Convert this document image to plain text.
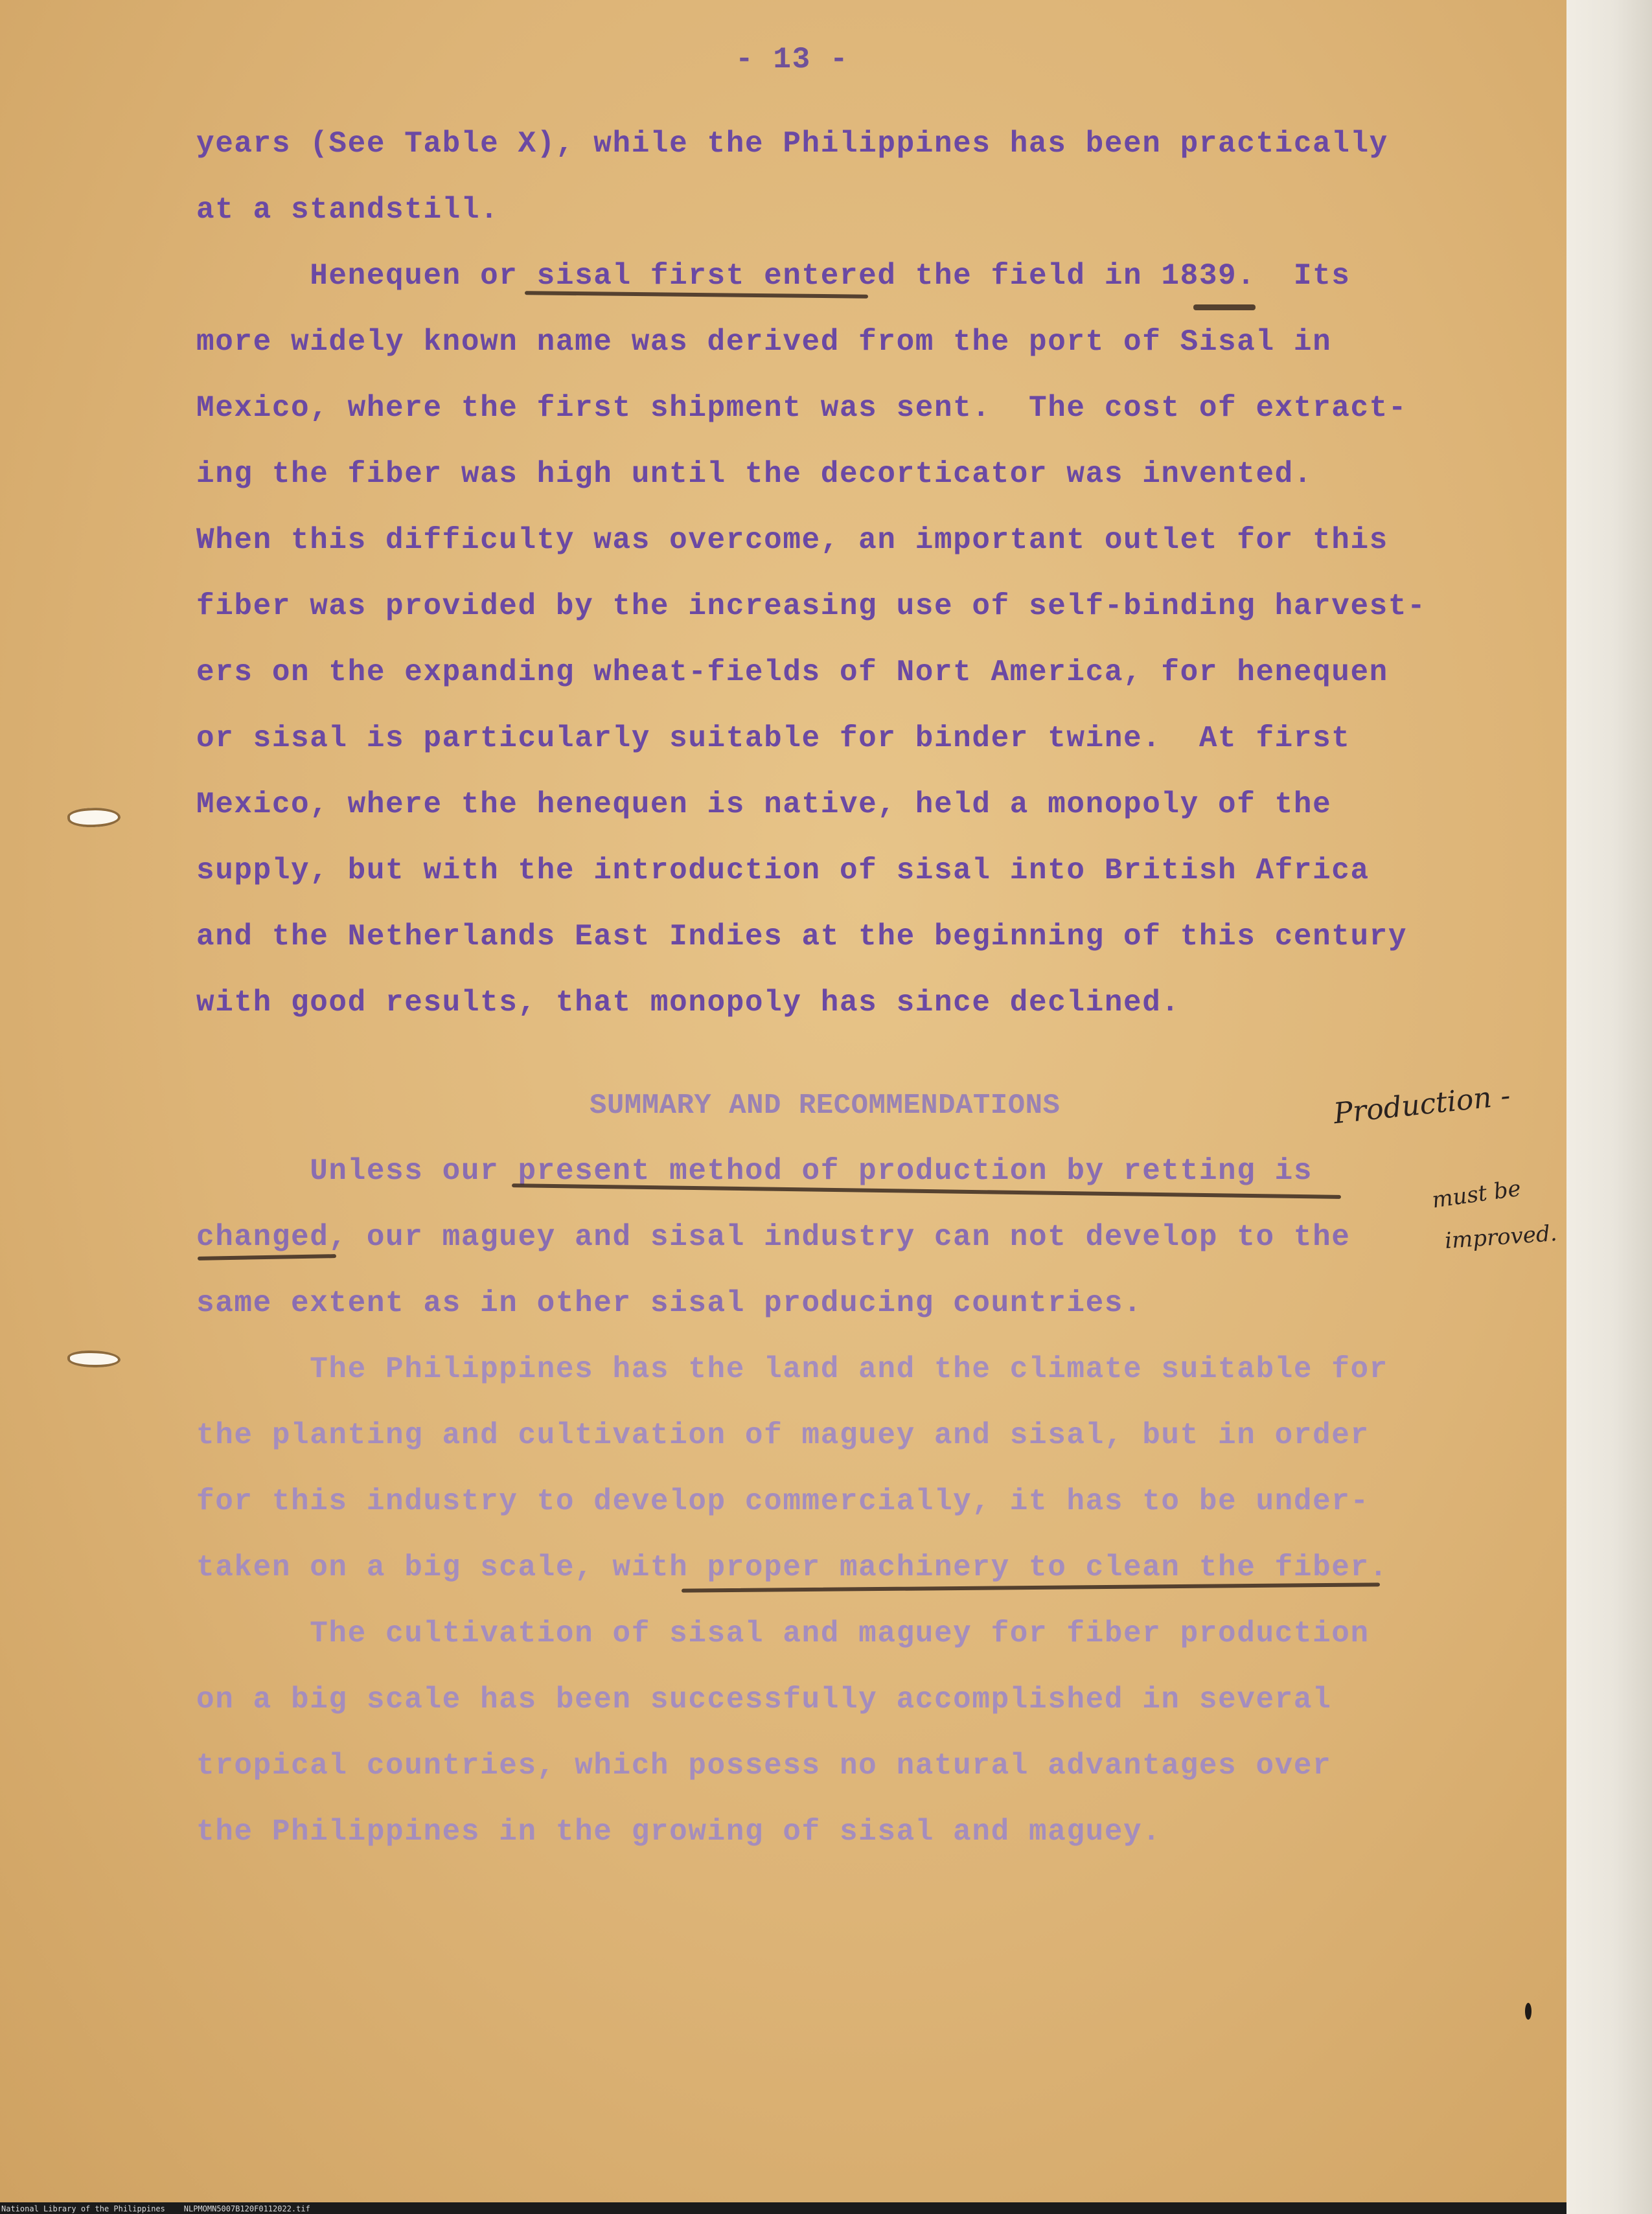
- 13 -
years (See Table X), while the Philippines has been practically
at a standstill.
Henequen or sisal first entered the field in 1839.  Its
more widely known name was derived from the port of Sisal in
Mexico, where the first shipment was sent.  The cost of extract-
ing the fiber was high until the decorticator was invented.
When this difficulty was overcome, an important outlet for this
fiber was provided by the increasing use of self-binding harvest-
ers on the expanding wheat-fields of Nort America, for henequen
or sisal is particularly suitable for binder twine.  At first
Mexico, where the henequen is native, held a monopoly of the
supply, but with the introduction of sisal into British Africa
and the Netherlands East Indies at the beginning of this century
with good results, that monopoly has since declined.
SUMMARY AND RECOMMENDATIONS
Unless our present method of production by retting is
changed, our maguey and sisal industry can not develop to the
same extent as in other sisal producing countries.
The Philippines has the land and the climate suitable for
the planting and cultivation of maguey and sisal, but in order
for this industry to develop commercially, it has to be under-
taken on a big scale, with proper machinery to clean the fiber.
The cultivation of sisal and maguey for fiber production
on a big scale has been successfully accomplished in several
tropical countries, which possess no natural advantages over
the Philippines in the growing of sisal and maguey.
Production -
must be
improved.
National Library of the Philippines    NLPMOMN5007B120F0112022.tif
